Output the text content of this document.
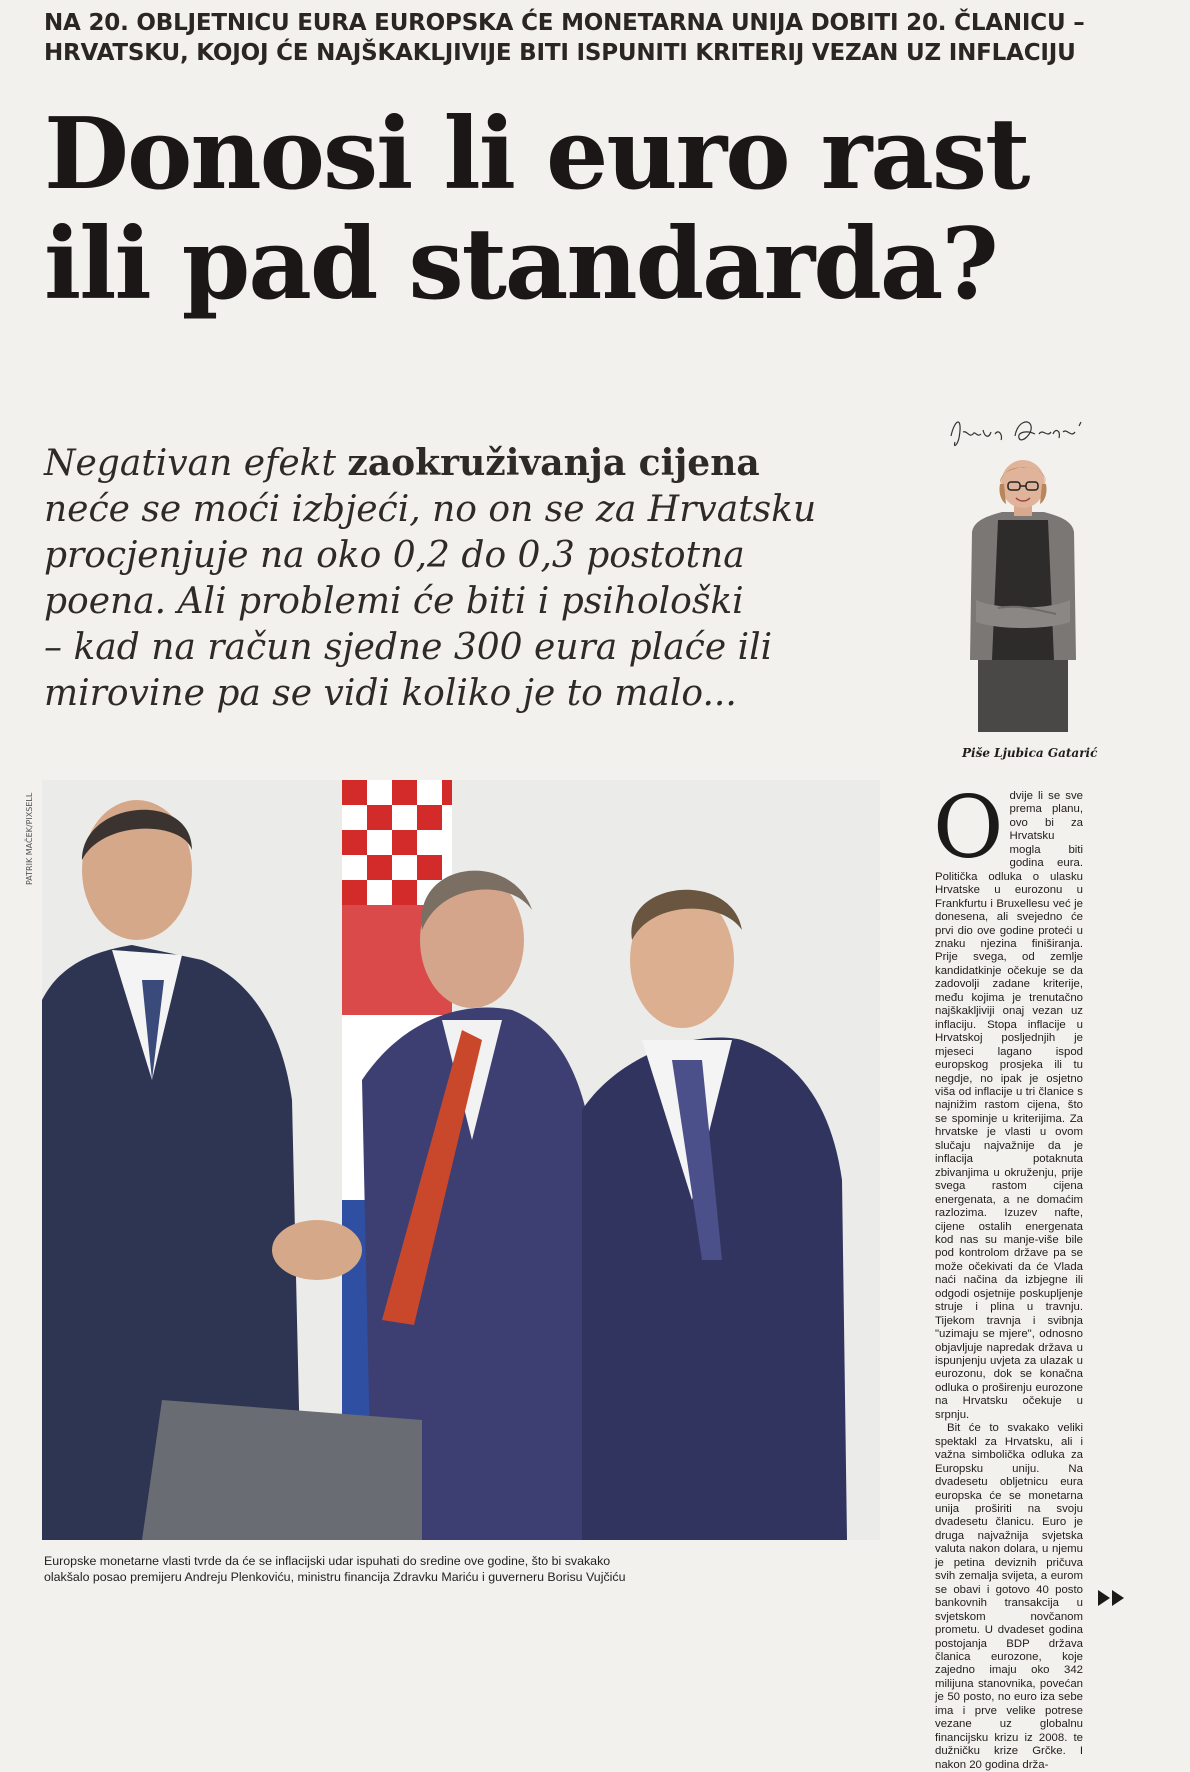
NA 20. OBLJETNICU EURA EUROPSKA ĆE MONETARNA UNIJA DOBITI 20. ČLANICU –
HRVATSKU, KOJOJ ĆE NAJŠKAKLJIVIJE BITI ISPUNITI KRITERIJ VEZAN UZ INFLACIJU
Donosi li euro rast
ili pad standarda?
Negativan efekt zaokruživanja cijena
neće se moći izbjeći, no on se za Hrvatsku
procjenjuje na oko 0,2 do 0,3 postotna
poena. Ali problemi će biti i psihološki
– kad na račun sjedne 300 eura plaće ili
mirovine pa se vidi koliko je to malo...
Piše Ljubica Gatarić
PATRIK MAČEK/PIXSELL
Europske monetarne vlasti tvrde da će se inflacijski udar ispuhati do sredine ove godine, što bi svakako
olakšalo posao premijeru Andreju Plenkoviću, ministru financija Zdravku Mariću i guverneru Borisu Vujčiću

Odvije li se sve prema planu, ovo bi za Hrvatsku mogla biti godina eura. Politička odluka o ulasku Hrvatske u eurozonu u Frankfurtu i Bruxellesu već je donesena, ali svejedno će prvi dio ove godine proteći u znaku njezina finiširanja. Prije svega, od zemlje kandidatkinje očekuje se da zadovolji zadane kriterije, među kojima je trenutačno najškakljiviji onaj vezan uz inflaciju. Stopa inflacije u Hrvatskoj posljednjih je mjeseci lagano ispod europskog prosjeka ili tu negdje, no ipak je osjetno viša od inflacije u tri članice s najnižim rastom cijena, što se spominje u kriterijima. Za hrvatske je vlasti u ovom slučaju najvažnije da je inflacija potaknuta zbivanjima u okruženju, prije svega rastom cijena energenata, a ne domaćim razlozima. Izuzev nafte, cijene ostalih energenata kod nas su manje-više bile pod kontrolom države pa se može očekivati da će Vlada naći načina da izbjegne ili odgodi osjetnije poskupljenje struje i plina u travnju. Tijekom travnja i svibnja "uzimaju se mjere", odnosno objavljuje napredak država u ispunjenju uvjeta za ulazak u eurozonu, dok se konačna odluka o proširenju eurozone na Hrvatsku očekuje u srpnju.

Bit će to svakako veliki spektakl za Hrvatsku, ali i važna simbolička odluka za Europsku uniju. Na dvadesetu obljetnicu eura europska će se monetarna unija proširiti na svoju dvadesetu članicu. Euro je druga najvažnija svjetska valuta nakon dolara, u njemu je petina deviznih pričuva svih zemalja svijeta, a eurom se obavi i gotovo 40 posto bankovnih transakcija u svjetskom novčanom prometu. U dvadeset godina postojanja BDP država članica eurozone, koje zajedno imaju oko 342 milijuna stanovnika, povećan je 50 posto, no euro iza sebe ima i prve velike potrese vezane uz globalnu financijsku krizu iz 2008. te dužničku krize Grčke. I nakon 20 godina drža-
